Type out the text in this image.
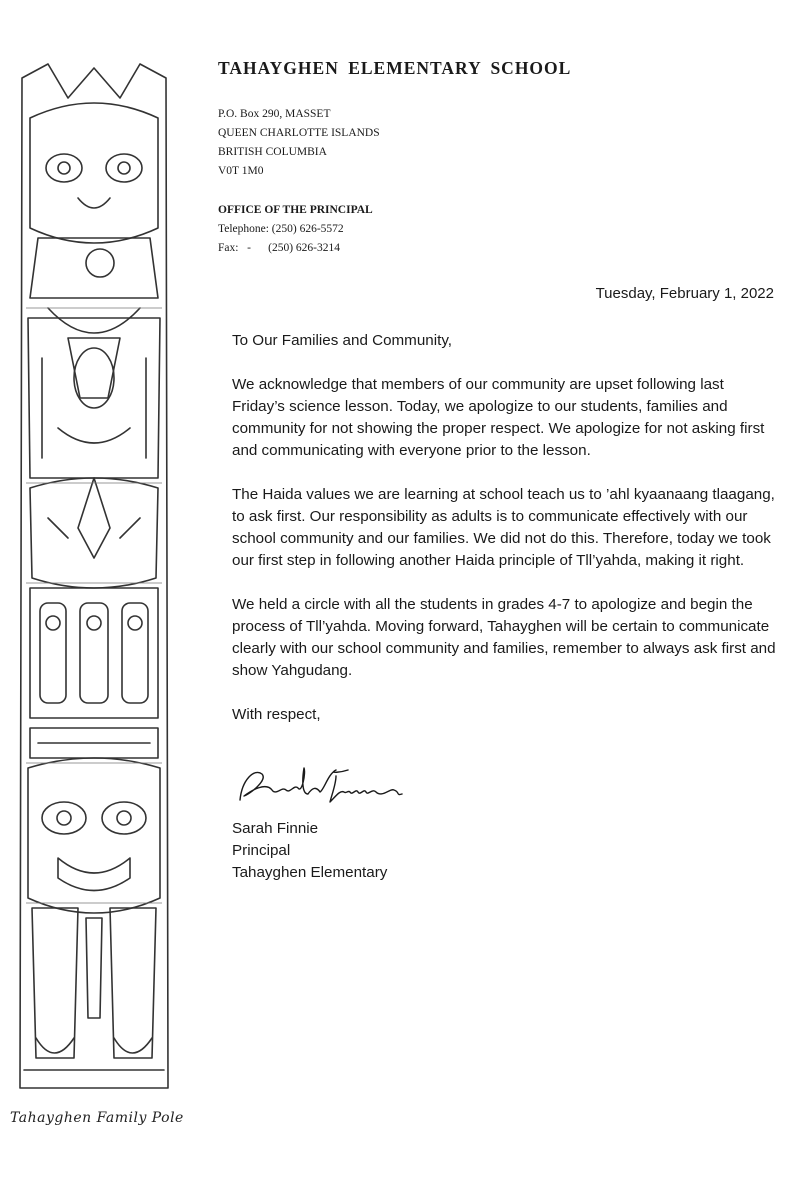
Tahayghen Family Pole
TAHAYGHEN ELEMENTARY SCHOOL
P.O. Box 290, MASSET
QUEEN CHARLOTTE ISLANDS
BRITISH COLUMBIA
V0T 1M0
OFFICE OF THE PRINCIPAL
Telephone: (250) 626-5572
Fax:   -      (250) 626-3214
Tuesday, February 1, 2022

To Our Families and Community,

We acknowledge that members of our community are upset following last Friday’s science lesson. Today, we apologize to our students, families and community for not showing the proper respect. We apologize for not asking first and communicating with everyone prior to the lesson.

The Haida values we are learning at school teach us to ’ahl kyaanaang tlaagang, to ask first. Our responsibility as adults is to communicate effectively with our school community and our families. We did not do this. Therefore, today we took our first step in following another Haida principle of Tll’yahda, making it right.

We held a circle with all the students in grades 4-7 to apologize and begin the process of Tll’yahda. Moving forward, Tahayghen will be certain to communicate clearly with our school community and families, remember to always ask first and show Yahgudang.

With respect,

Sarah Finnie
Principal
Tahayghen Elementary
